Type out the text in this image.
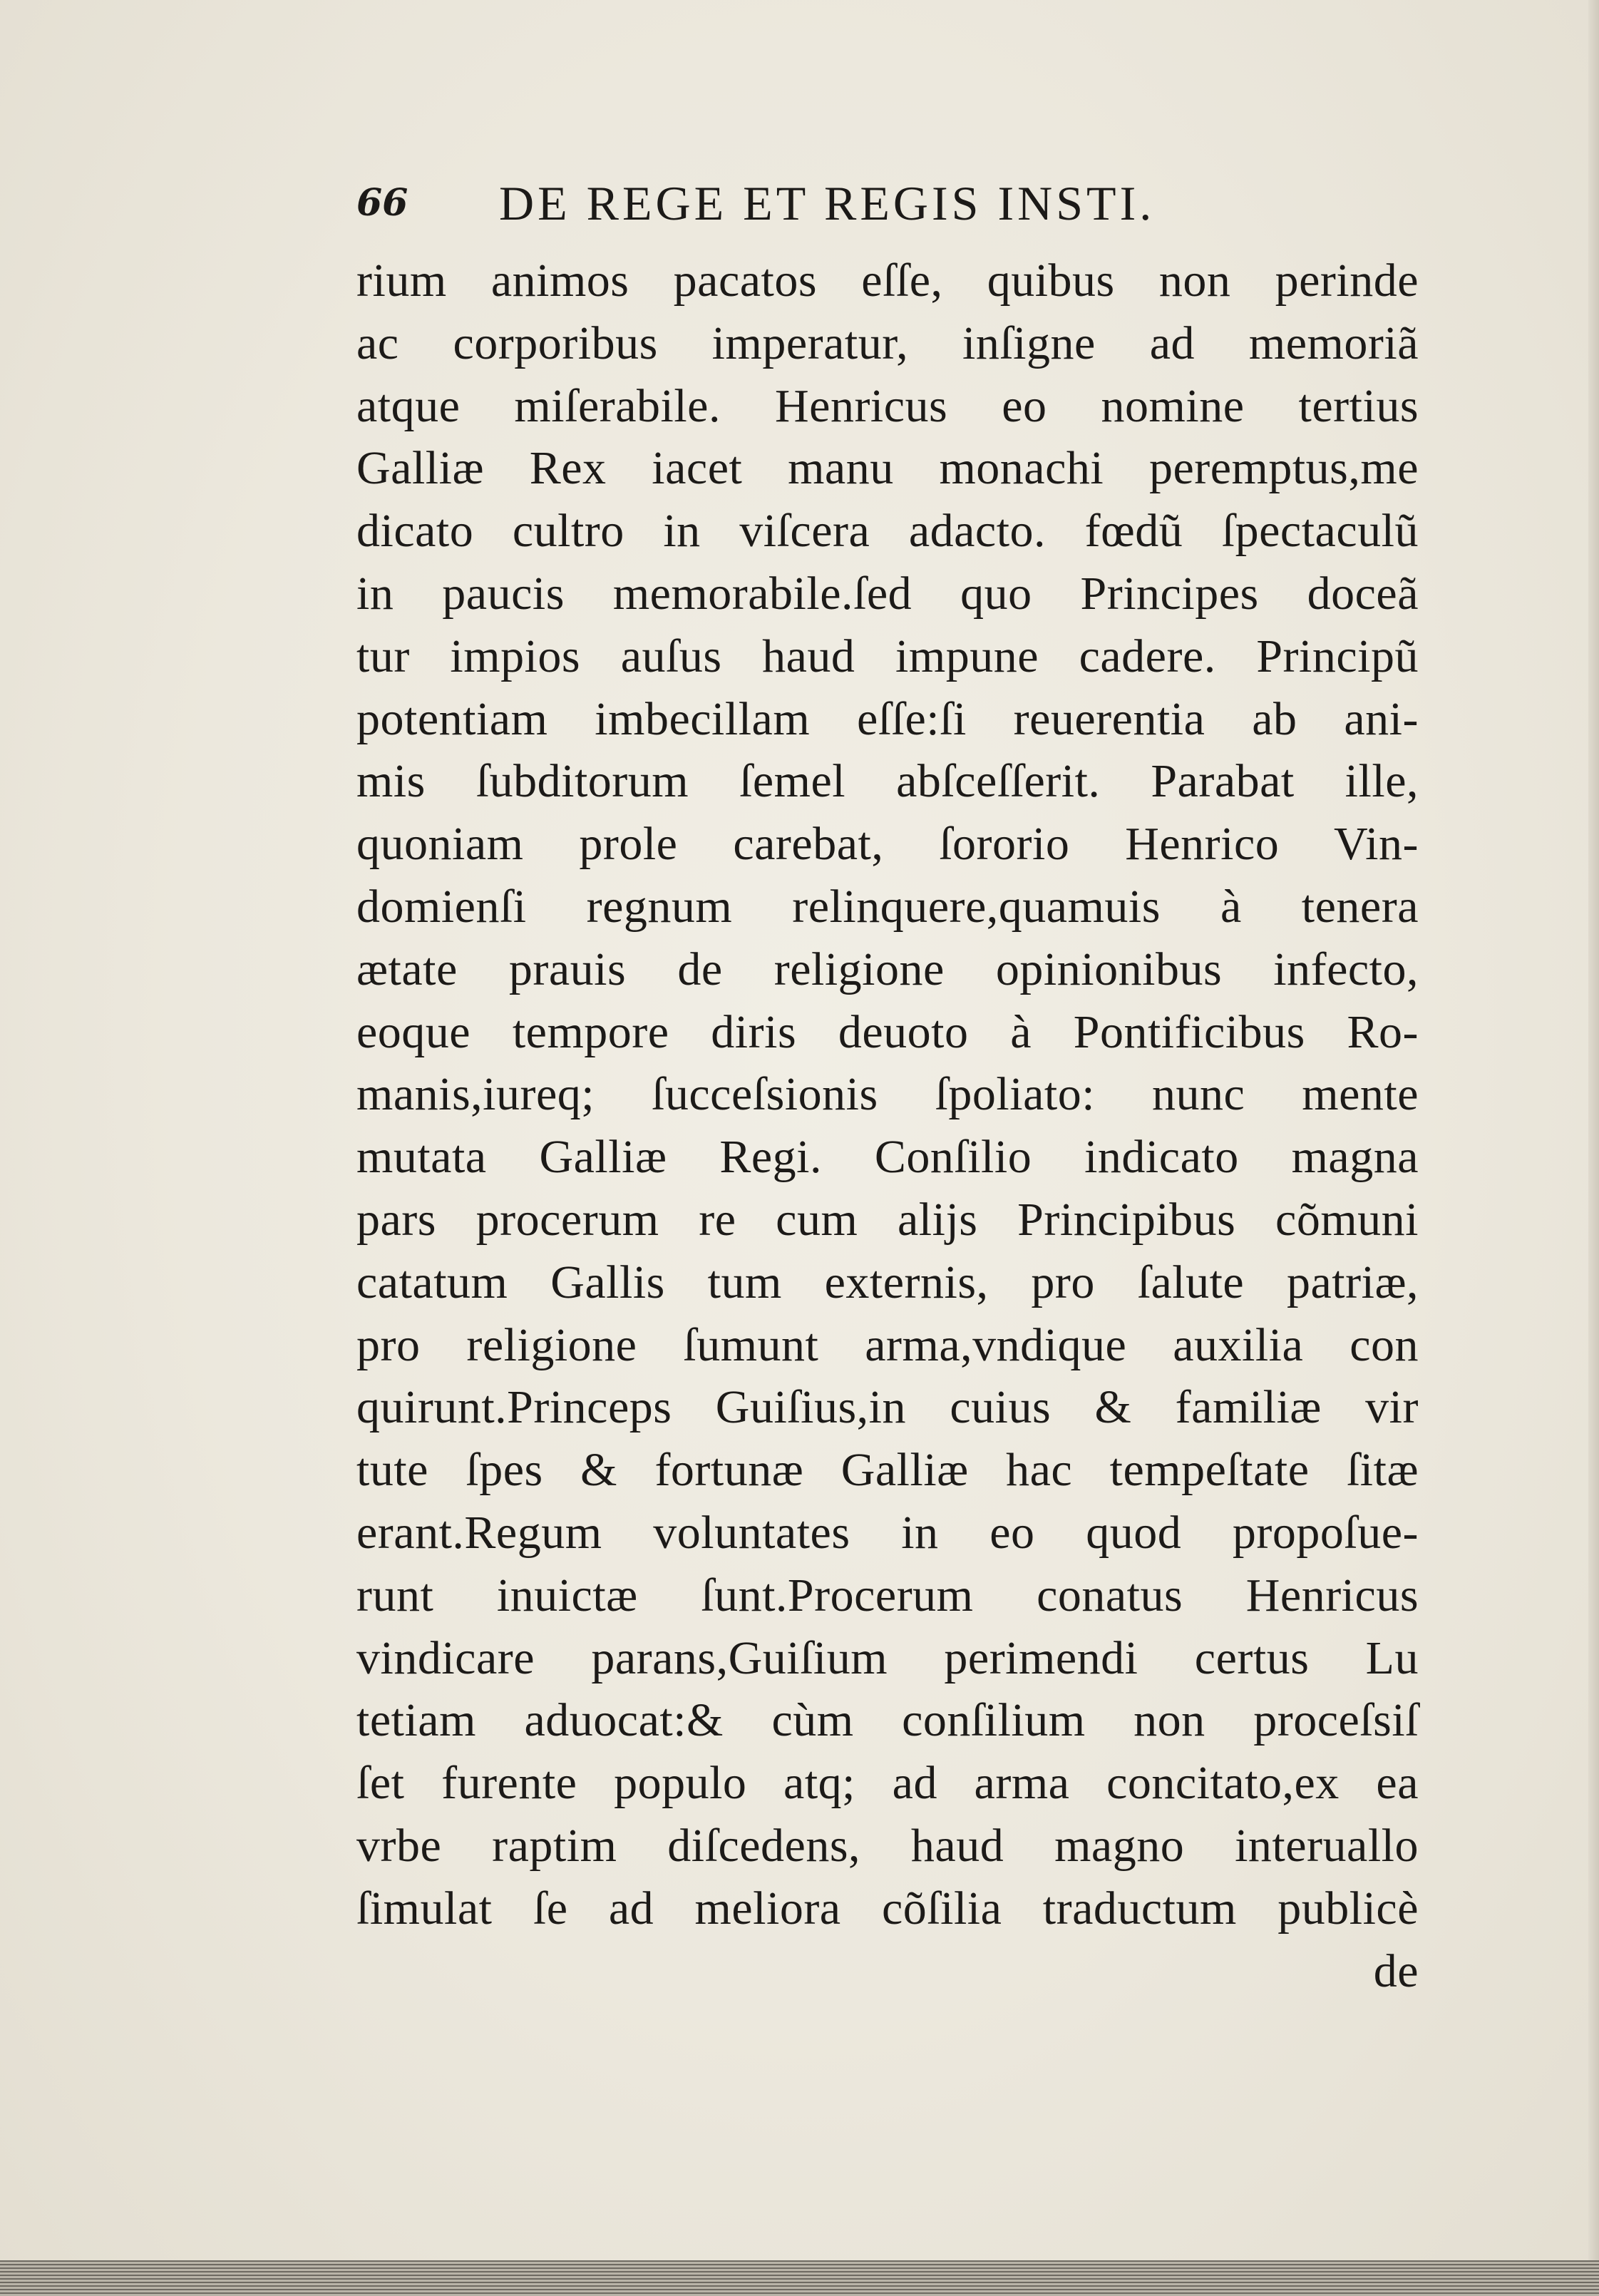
66 DE REGE ET REGIS INSTI.
rium animos pacatos eſſe, quibus non perinde
ac corporibus imperatur, inſigne ad memoriã
atque miſerabile. Henricus eo nomine tertius
Galliæ Rex iacet manu monachi peremptus,me
dicato cultro in viſcera adacto. fœdũ ſpectaculũ
in paucis memorabile.ſed quo Principes doceã
tur impios auſus haud impune cadere. Principũ
potentiam imbecillam eſſe:ſi reuerentia ab ani-
mis ſubditorum ſemel abſceſſerit. Parabat ille,
quoniam prole carebat, ſororio Henrico Vin-
domienſi regnum relinquere,quamuis à tenera
ætate prauis de religione opinionibus infecto,
eoque tempore diris deuoto à Pontificibus Ro-
manis,iureq; ſucceſsionis ſpoliato: nunc mente
mutata Galliæ Regi. Conſilio indicato magna
pars procerum re cum alijs Principibus cõmuni
catatum Gallis tum externis, pro ſalute patriæ,
pro religione ſumunt arma,vndique auxilia con
quirunt.Princeps Guiſius,in cuius & familiæ vir
tute ſpes & fortunæ Galliæ hac tempeſtate ſitæ
erant.Regum voluntates in eo quod propoſue-
runt inuictæ ſunt.Procerum conatus Henricus
vindicare parans,Guiſium perimendi certus Lu
tetiam aduocat:& cùm conſilium non proceſsiſ
ſet furente populo atq; ad arma concitato,ex ea
vrbe raptim diſcedens, haud magno interuallo
ſimulat ſe ad meliora cõſilia traductum publicè
de
